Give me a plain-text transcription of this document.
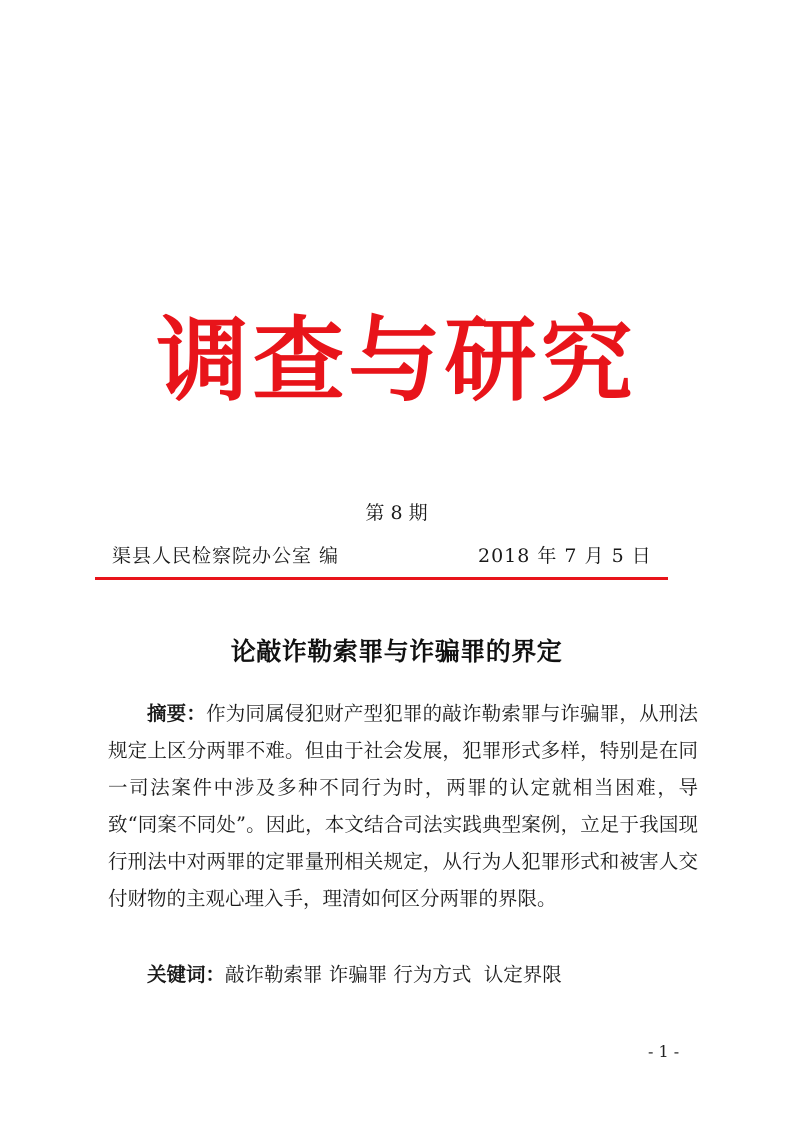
调查与研究
第 8 期
渠县人民检察院办公室 编	2018 年 7 月 5 日
论敲诈勒索罪与诈骗罪的界定
摘要：作为同属侵犯财产型犯罪的敲诈勒索罪与诈骗罪，从刑法规定上区分两罪不难。但由于社会发展，犯罪形式多样，特别是在同一司法案件中涉及多种不同行为时，两罪的认定就相当困难，导致“同案不同处”。因此，本文结合司法实践典型案例，立足于我国现行刑法中对两罪的定罪量刑相关规定，从行为人犯罪形式和被害人交付财物的主观心理入手，理清如何区分两罪的界限。
关键词：敲诈勒索罪 诈骗罪 行为方式  认定界限
- 1 -
